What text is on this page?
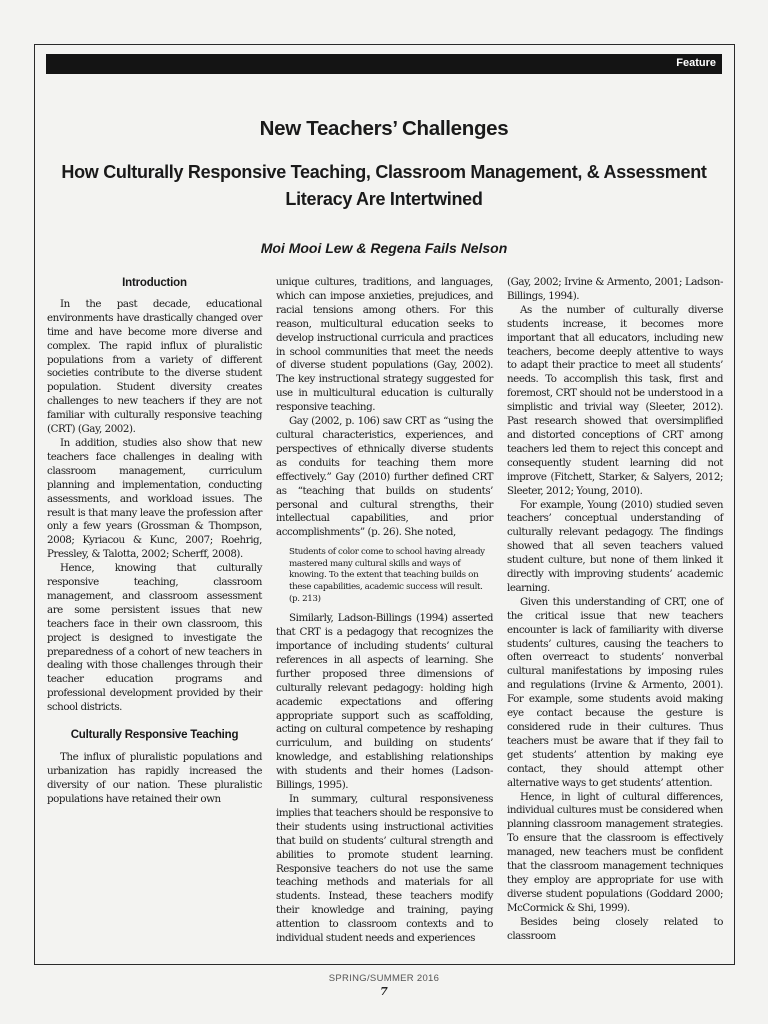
Feature
New Teachers’ Challenges
How Culturally Responsive Teaching, Classroom Management, & Assessment Literacy Are Intertwined
Moi Mooi Lew & Regena Fails Nelson
Introduction

In the past decade, educational environments have drastically changed over time and have become more diverse and complex. The rapid influx of pluralistic populations from a variety of different societies contribute to the diverse student population. Student diversity creates challenges to new teachers if they are not familiar with culturally responsive teaching (CRT) (Gay, 2002).

In addition, studies also show that new teachers face challenges in dealing with classroom management, curriculum planning and implementation, conducting assessments, and workload issues. The result is that many leave the profession after only a few years (Grossman & Thompson, 2008; Kyriacou & Kunc, 2007; Roehrig, Pressley, & Talotta, 2002; Scherff, 2008).

Hence, knowing that culturally responsive teaching, classroom management, and classroom assessment are some persistent issues that new teachers face in their own classroom, this project is designed to investigate the preparedness of a cohort of new teachers in dealing with those challenges through their teacher education programs and professional development provided by their school districts.

Culturally Responsive Teaching

The influx of pluralistic populations and urbanization has rapidly increased the diversity of our nation. These pluralistic populations have retained their own

unique cultures, traditions, and languages, which can impose anxieties, prejudices, and racial tensions among others. For this reason, multicultural education seeks to develop instructional curricula and practices in school communities that meet the needs of diverse student populations (Gay, 2002). The key instructional strategy suggested for use in multicultural education is culturally responsive teaching.

Gay (2002, p. 106) saw CRT as “using the cultural characteristics, experiences, and perspectives of ethnically diverse students as conduits for teaching them more effectively.” Gay (2010) further defined CRT as “teaching that builds on students’ personal and cultural strengths, their intellectual capabilities, and prior accomplishments” (p. 26). She noted,

Students of color come to school having already mastered many cultural skills and ways of knowing. To the extent that teaching builds on these capabilities, academic success will result. (p. 213)

Similarly, Ladson-Billings (1994) asserted that CRT is a pedagogy that recognizes the importance of including students’ cultural references in all aspects of learning. She further proposed three dimensions of culturally relevant pedagogy: holding high academic expectations and offering appropriate support such as scaffolding, acting on cultural competence by reshaping curriculum, and building on students’ knowledge, and establishing relationships with students and their homes (Ladson-Billings, 1995).

In summary, cultural responsiveness implies that teachers should be responsive to their students using instructional activities that build on students’ cultural strength and abilities to promote student learning. Responsive teachers do not use the same teaching methods and materials for all students. Instead, these teachers modify their knowledge and training, paying attention to classroom contexts and to individual student needs and experiences

(Gay, 2002; Irvine & Armento, 2001; Ladson-Billings, 1994).

As the number of culturally diverse students increase, it becomes more important that all educators, including new teachers, become deeply attentive to ways to adapt their practice to meet all students’ needs. To accomplish this task, first and foremost, CRT should not be understood in a simplistic and trivial way (Sleeter, 2012). Past research showed that oversimplified and distorted conceptions of CRT among teachers led them to reject this concept and consequently student learning did not improve (Fitchett, Starker, & Salyers, 2012; Sleeter, 2012; Young, 2010).

For example, Young (2010) studied seven teachers’ conceptual understanding of culturally relevant pedagogy. The findings showed that all seven teachers valued student culture, but none of them linked it directly with improving students’ academic learning.

Given this understanding of CRT, one of the critical issue that new teachers encounter is lack of familiarity with diverse students’ cultures, causing the teachers to often overreact to students’ nonverbal cultural manifestations by imposing rules and regulations (Irvine & Armento, 2001). For example, some students avoid making eye contact because the gesture is considered rude in their cultures. Thus teachers must be aware that if they fail to get students’ attention by making eye contact, they should attempt other alternative ways to get students’ attention.

Hence, in light of cultural differences, individual cultures must be considered when planning classroom management strategies. To ensure that the classroom is effectively managed, new teachers must be confident that the classroom management techniques they employ are appropriate for use with diverse student populations (Goddard 2000; McCormick & Shi, 1999).

Besides being closely related to classroom

SPRING/SUMMER 2016
7
